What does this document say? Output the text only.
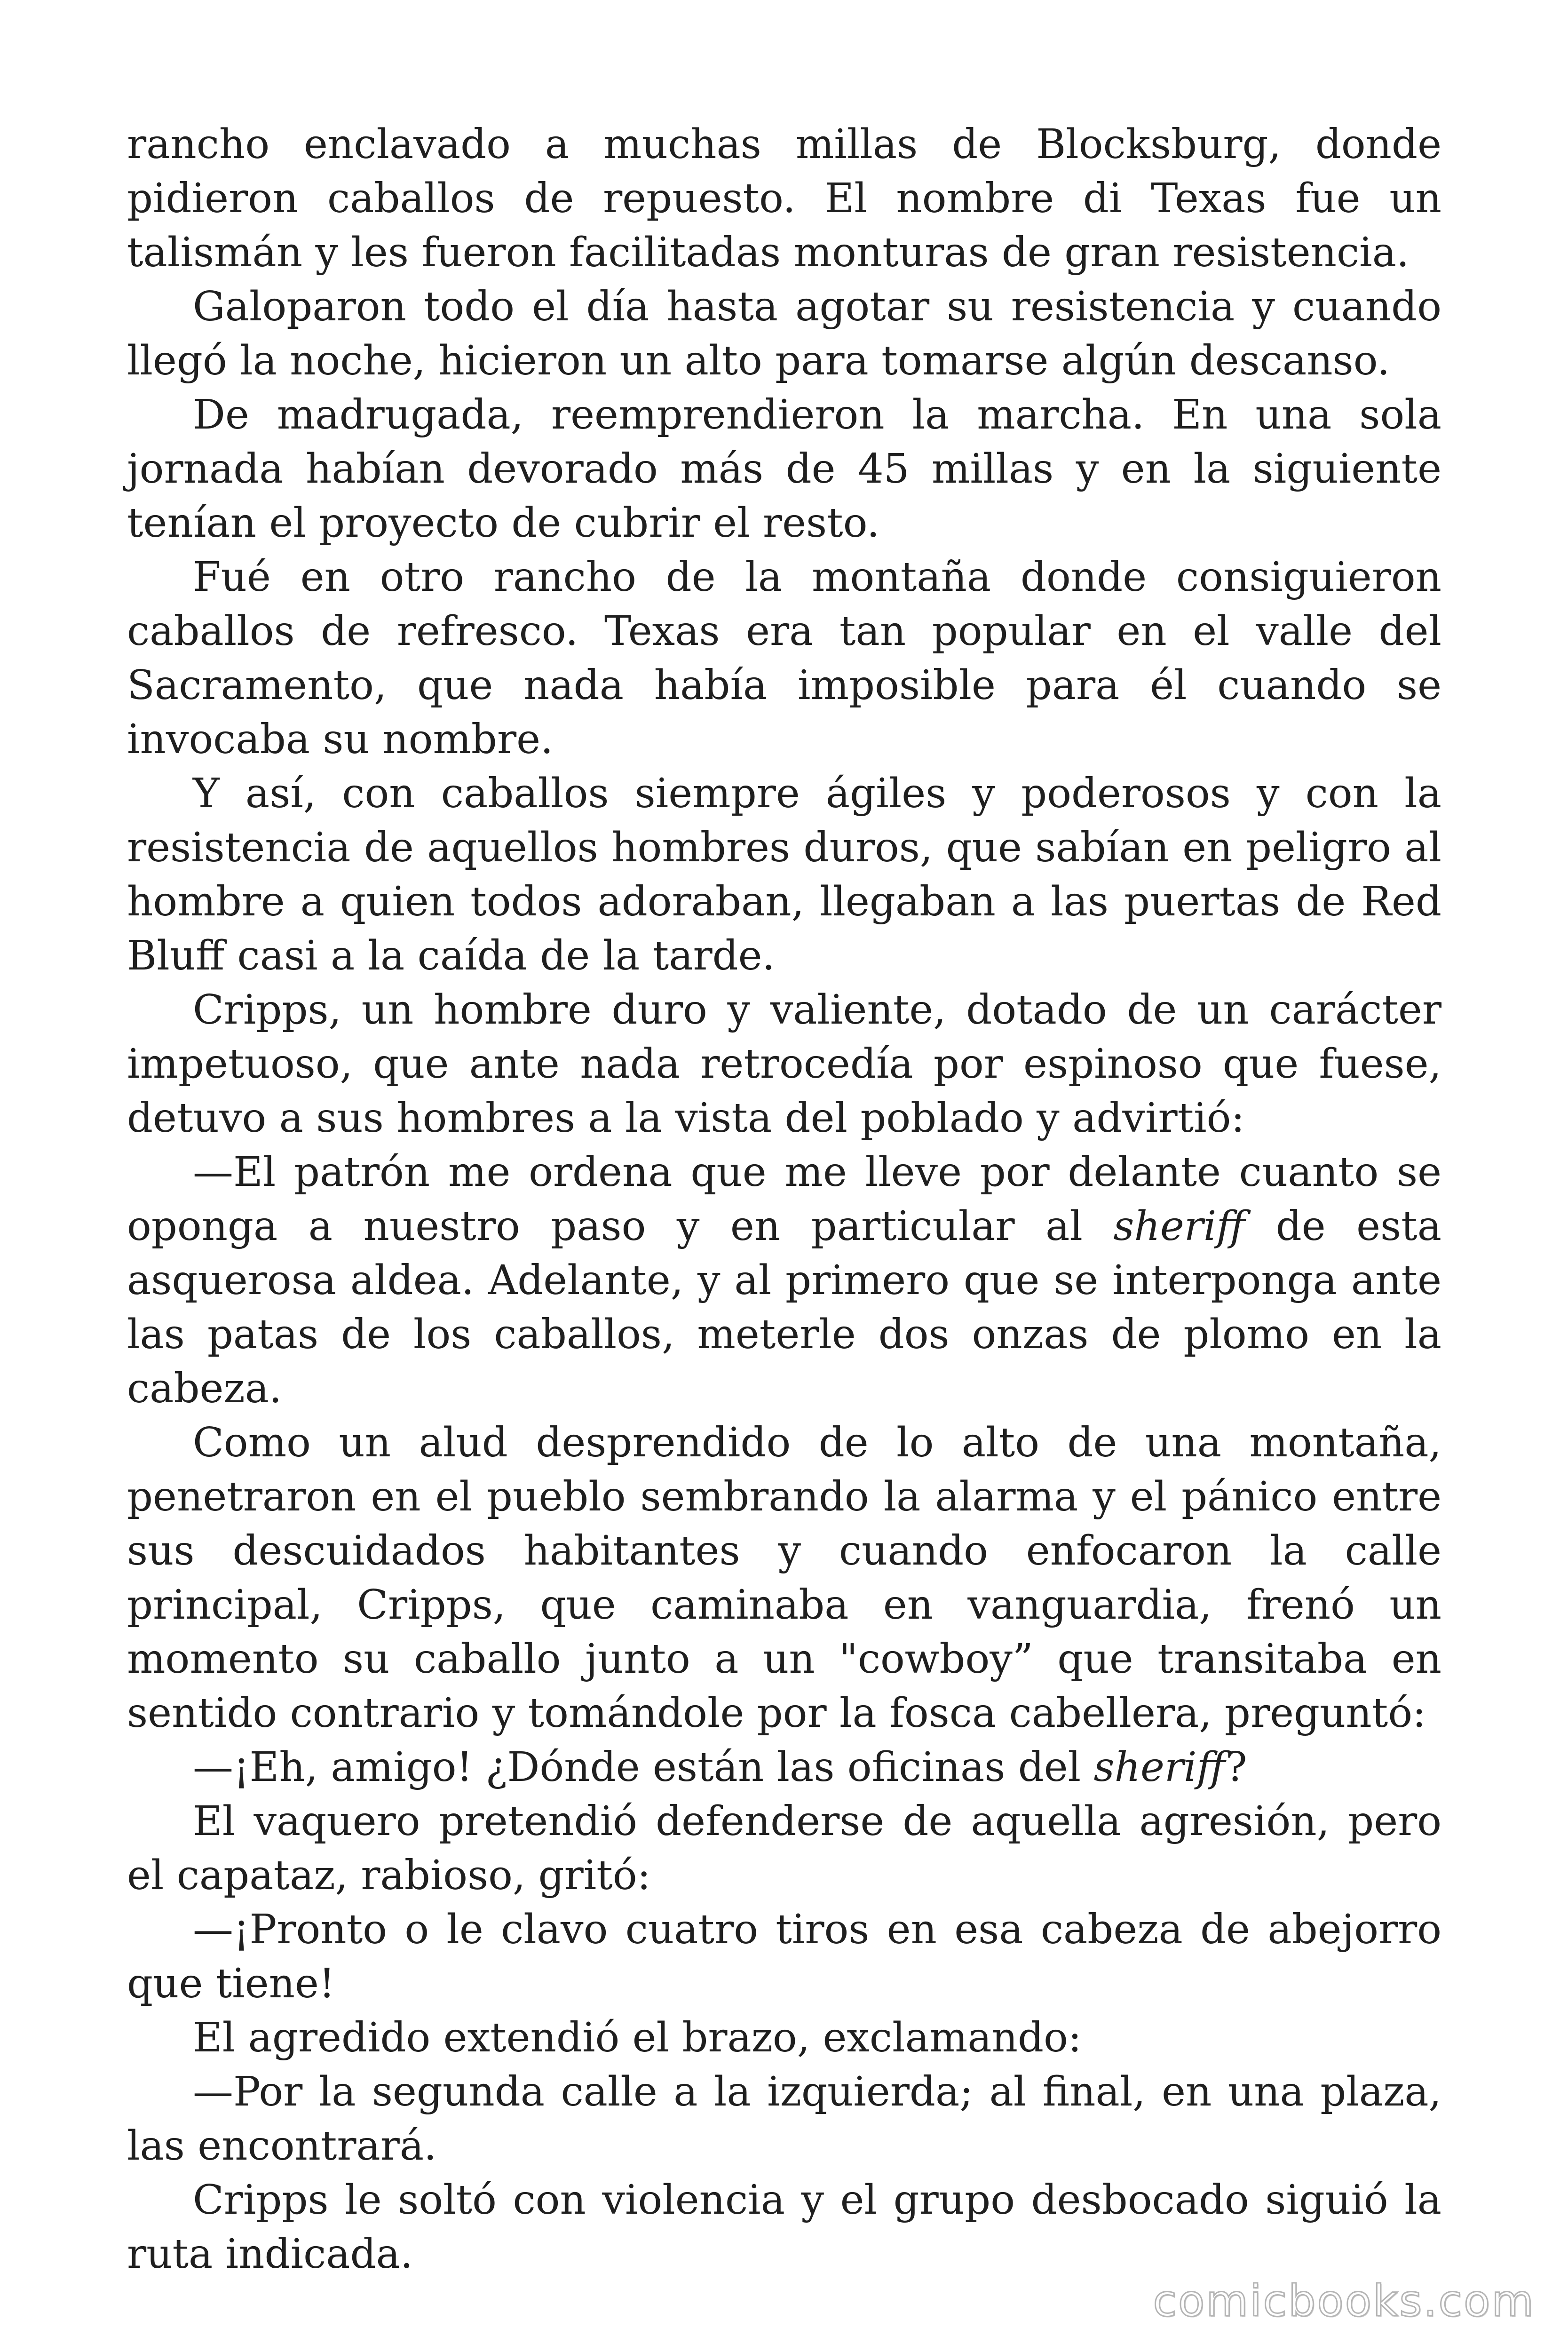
rancho enclavado a muchas millas de Blocksburg, donde pidieron caballos de repuesto. El nombre di Texas fue un talismán y les fueron facilitadas monturas de gran resistencia.

Galoparon todo el día hasta agotar su resistencia y cuando llegó la noche, hicieron un alto para tomarse algún descanso.

De madrugada, reemprendieron la marcha. En una sola jornada habían devorado más de 45 millas y en la siguiente tenían el proyecto de cubrir el resto.

Fué en otro rancho de la montaña donde consiguieron caballos de refresco. Texas era tan popular en el valle del Sacramento, que nada había imposible para él cuando se invocaba su nombre.

Y así, con caballos siempre ágiles y poderosos y con la resistencia de aquellos hombres duros, que sabían en peligro al hombre a quien todos adoraban, llegaban a las puertas de Red Bluff casi a la caída de la tarde.

Cripps, un hombre duro y valiente, dotado de un carácter impetuoso, que ante nada retrocedía por espinoso que fuese, detuvo a sus hombres a la vista del poblado y advirtió:

—El patrón me ordena que me lleve por delante cuanto se oponga a nuestro paso y en particular al sheriff de esta asquerosa aldea. Adelante, y al primero que se interponga ante las patas de los caballos, meterle dos onzas de plomo en la cabeza.

Como un alud desprendido de lo alto de una montaña, penetraron en el pueblo sembrando la alarma y el pánico entre sus descuidados habitantes y cuando enfocaron la calle principal, Cripps, que caminaba en vanguardia, frenó un momento su caballo junto a un "cowboy” que transitaba en sentido contrario y tomándole por la fosca cabellera, preguntó:

—¡Eh, amigo! ¿Dónde están las oficinas del sheriff?

El vaquero pretendió defenderse de aquella agresión, pero el capataz, rabioso, gritó:

—¡Pronto o le clavo cuatro tiros en esa cabeza de abejorro que tiene!

El agredido extendió el brazo, exclamando:

—Por la segunda calle a la izquierda; al final, en una plaza, las encontrará.

Cripps le soltó con violencia y el grupo desbocado siguió la ruta indicada.

comicbooks.com
